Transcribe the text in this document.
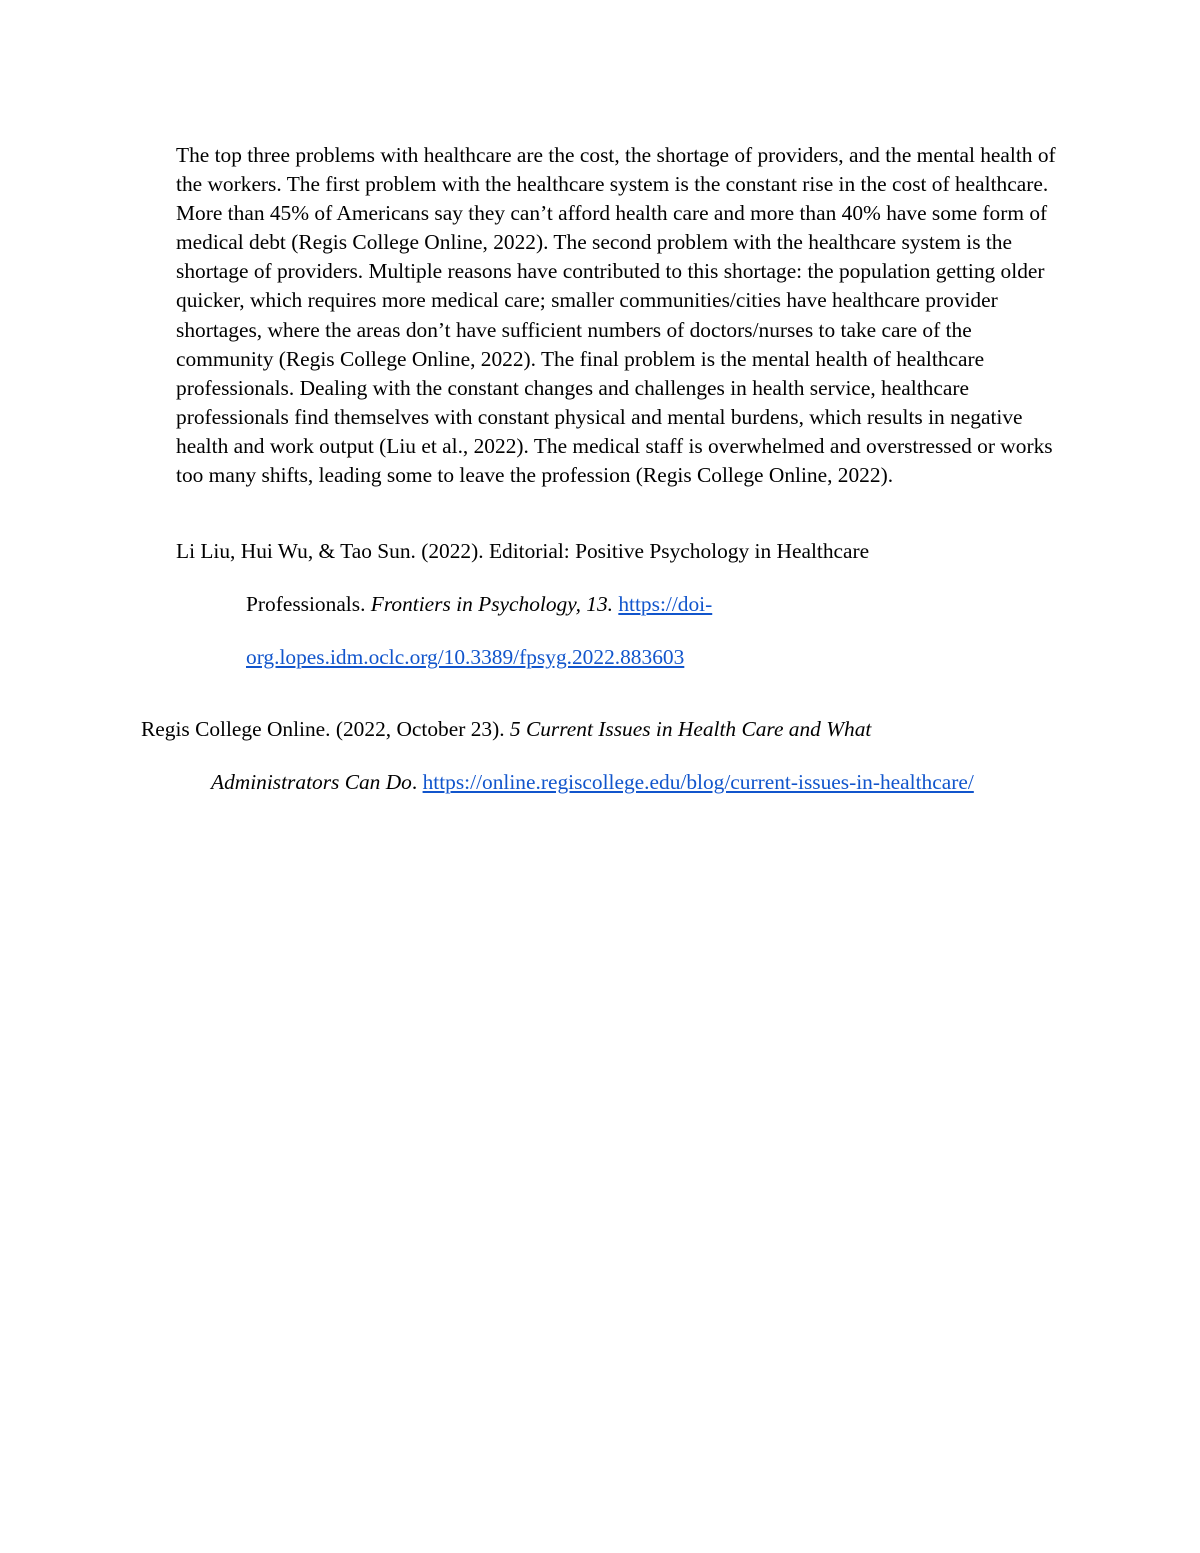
The top three problems with healthcare are the cost, the shortage of providers, and the mental health of the workers. The first problem with the healthcare system is the constant rise in the cost of healthcare. More than 45% of Americans say they can’t afford health care and more than 40% have some form of medical debt (Regis College Online, 2022). The second problem with the healthcare system is the shortage of providers. Multiple reasons have contributed to this shortage: the population getting older quicker, which requires more medical care; smaller communities/cities have healthcare provider shortages, where the areas don’t have sufficient numbers of doctors/nurses to take care of the community (Regis College Online, 2022). The final problem is the mental health of healthcare professionals. Dealing with the constant changes and challenges in health service, healthcare professionals find themselves with constant physical and mental burdens, which results in negative health and work output (Liu et al., 2022). The medical staff is overwhelmed and overstressed or works too many shifts, leading some to leave the profession (Regis College Online, 2022).

Li Liu, Hui Wu, & Tao Sun. (2022). Editorial: Positive Psychology in Healthcare
Professionals. Frontiers in Psychology, 13. https://doi-
org.lopes.idm.oclc.org/10.3389/fpsyg.2022.883603
Regis College Online. (2022, October 23). 5 Current Issues in Health Care and What
Administrators Can Do. https://online.regiscollege.edu/blog/current-issues-in-healthcare/
